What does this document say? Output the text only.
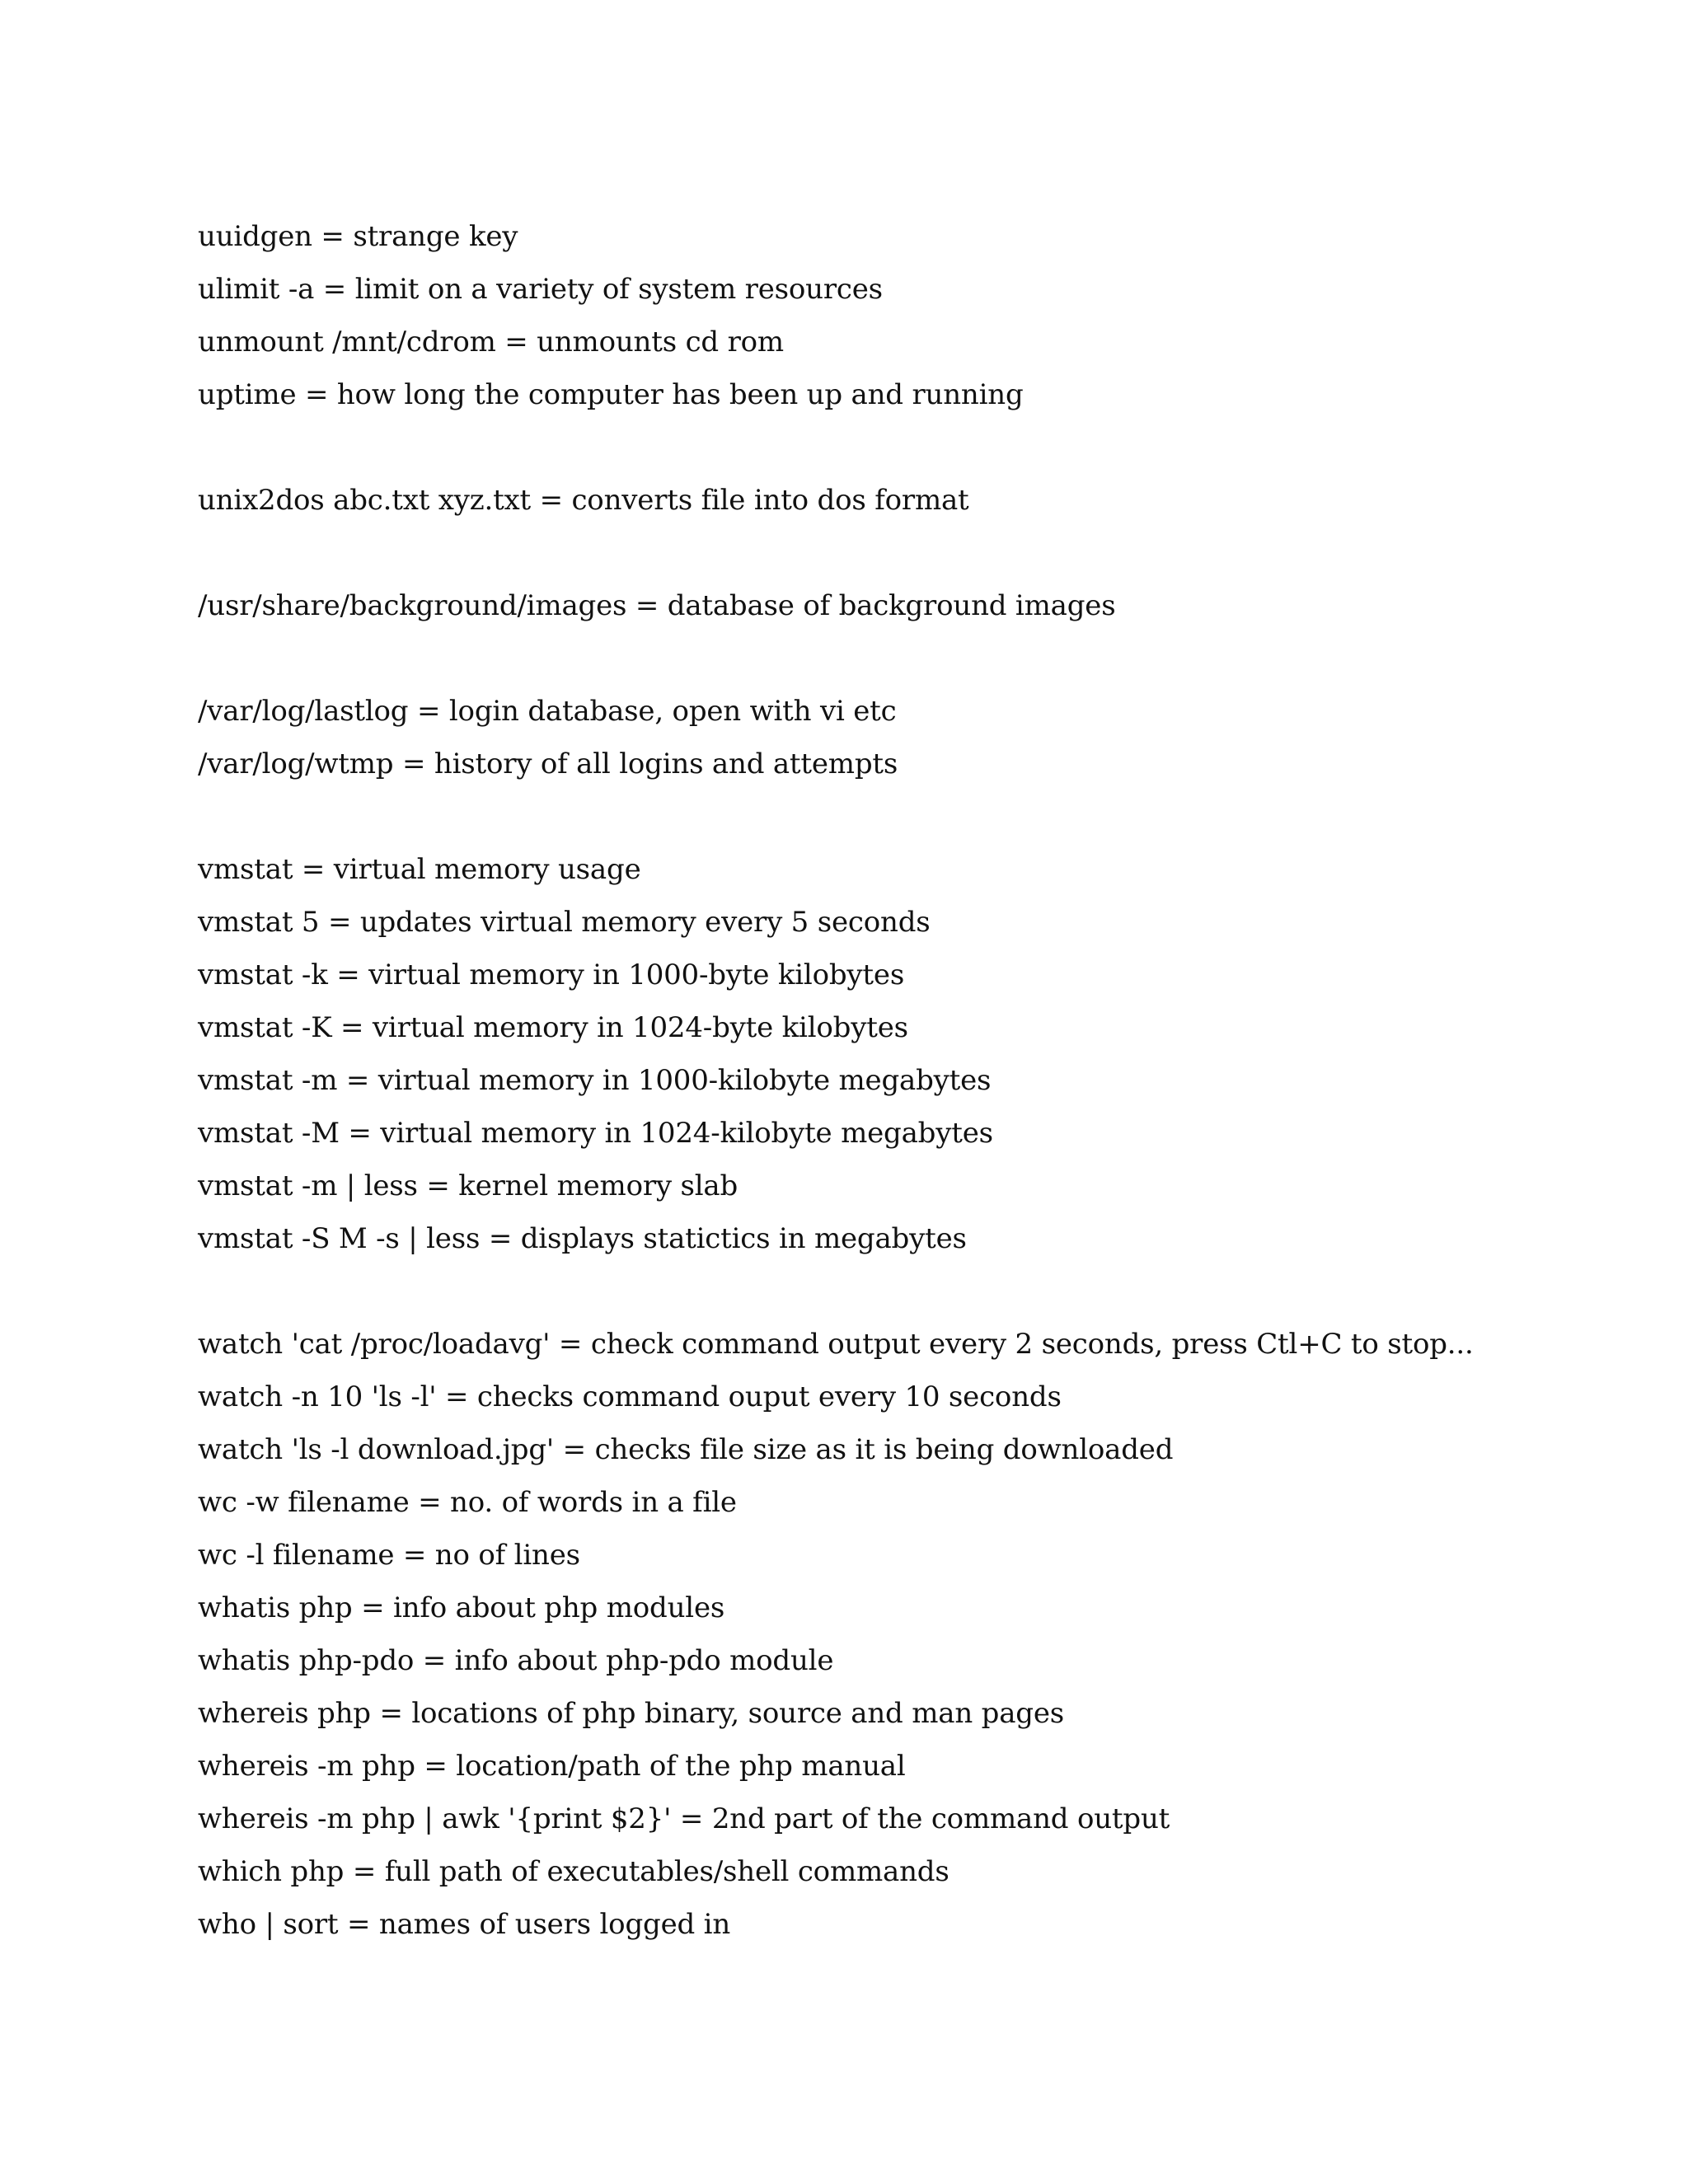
uuidgen = strange key
ulimit -a = limit on a variety of system resources
unmount /mnt/cdrom = unmounts cd rom
uptime = how long the computer has been up and running
unix2dos abc.txt xyz.txt = converts file into dos format
/usr/share/background/images = database of background images
/var/log/lastlog = login database, open with vi etc
/var/log/wtmp = history of all logins and attempts
vmstat = virtual memory usage
vmstat 5 = updates virtual memory every 5 seconds
vmstat -k = virtual memory in 1000-byte kilobytes
vmstat -K = virtual memory in 1024-byte kilobytes
vmstat -m = virtual memory in 1000-kilobyte megabytes
vmstat -M = virtual memory in 1024-kilobyte megabytes
vmstat -m | less = kernel memory slab
vmstat -S M -s | less = displays statictics in megabytes
watch 'cat /proc/loadavg' = check command output every 2 seconds, press Ctl+C to stop...
watch -n 10 'ls -l' = checks command ouput every 10 seconds
watch 'ls -l download.jpg' = checks file size as it is being downloaded
wc -w filename = no. of words in a file
wc -l filename = no of lines
whatis php = info about php modules
whatis php-pdo = info about php-pdo module
whereis php = locations of php binary, source and man pages
whereis -m php = location/path of the php manual
whereis -m php | awk '{print $2}' = 2nd part of the command output
which php = full path of executables/shell commands
who | sort = names of users logged in
